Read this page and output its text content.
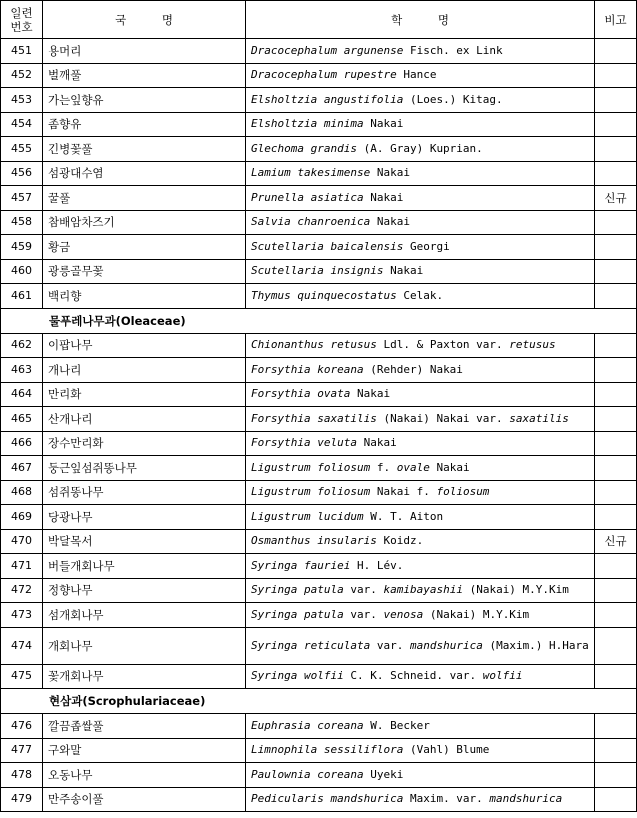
일련
번호	국 명	학 명	비고
451	용머리	Dracocephalum argunense Fisch. ex Link	
452	벌깨풀	Dracocephalum rupestre Hance	
453	가는잎향유	Elsholtzia angustifolia (Loes.) Kitag.	
454	좀향유	Elsholtzia minima Nakai	
455	긴병꽃풀	Glechoma grandis (A. Gray) Kuprian.	
456	섬광대수염	Lamium takesimense Nakai	
457	꿀풀	Prunella asiatica Nakai	신규
458	참배암차즈기	Salvia chanroenica Nakai	
459	황금	Scutellaria baicalensis Georgi	
460	광릉골무꽃	Scutellaria insignis Nakai	
461	백리향	Thymus quinquecostatus Celak.	
물푸레나무과(Oleaceae)			
462	이팝나무	Chionanthus retusus Ldl. & Paxton var. retusus	
463	개나리	Forsythia koreana (Rehder) Nakai	
464	만리화	Forsythia ovata Nakai	
465	산개나리	Forsythia saxatilis (Nakai) Nakai var. saxatilis	
466	장수만리화	Forsythia velutа Nakai	
467	둥근잎섬쥐똥나무	Ligustrum foliosum f. ovale Nakai	
468	섬쥐똥나무	Ligustrum foliosum Nakai f. foliosum	
469	당광나무	Ligustrum lucidum W. T. Aiton	
470	박달목서	Osmanthus insularis Koidz.	신규
471	버들개회나무	Syringa fauriei H. Lév.	
472	정향나무	Syringa patula var. kamibayashii (Nakai) M.Y.Kim	
473	섬개회나무	Syringa patula var. venosa (Nakai) M.Y.Kim	
474	개회나무	Syringa reticulata var. mandshurica (Maxim.) H.Hara	
475	꽃개회나무	Syringa wolfii C. K. Schneid. var. wolfii	
현삼과(Scrophulariaceae)			
476	깔끔좁쌀풀	Euphrasia coreana W. Becker	
477	구와말	Limnophila sessiliflora (Vahl) Blume	
478	오동나무	Paulownia coreana Uyeki	
479	만주송이풀	Pedicularis mandshurica Maxim. var. mandshurica	
